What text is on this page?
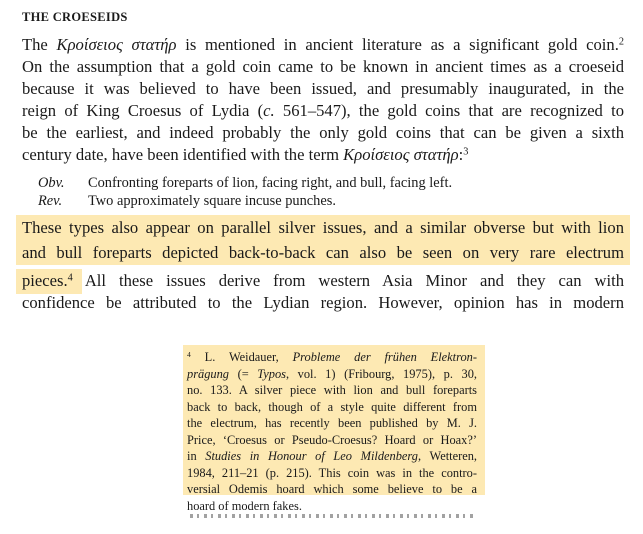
THE CROESEIDS
The Κροίσειος στατήρ is mentioned in ancient literature as a significant gold coin.$^2$
On the assumption that a gold coin came to be known in ancient times as a croeseid
because it was believed to have been issued, and presumably inaugurated, in the
reign of King Croesus of Lydia (c. 561–547), the gold coins that are recognized to
be the earliest, and indeed probably the only gold coins that can be given a sixth
century date, have been identified with the term Κροίσειος στατήρ:$^3$
Obv. Confronting foreparts of lion, facing right, and bull, facing left.
Rev. Two approximately square incuse punches.
These types also appear on parallel silver issues, and a similar obverse but with lion
and bull foreparts depicted back-to-back can also be seen on very rare electrum
pieces.$^4$ All these issues derive from western Asia Minor and they can with
confidence be attributed to the Lydian region. However, opinion has in modern
$^4$ L. Weidauer, Probleme der frühen Elektron-
prägung (= Typos, vol. 1) (Fribourg, 1975), p. 30,
no. 133. A silver piece with lion and bull foreparts
back to back, though of a style quite different from
the electrum, has recently been published by M. J.
Price, ‘Croesus or Pseudo-Croesus? Hoard or Hoax?’
in Studies in Honour of Leo Mildenberg, Wetteren,
1984, 211–21 (p. 215). This coin was in the contro-
versial Odemis hoard which some believe to be a
hoard of modern fakes.
